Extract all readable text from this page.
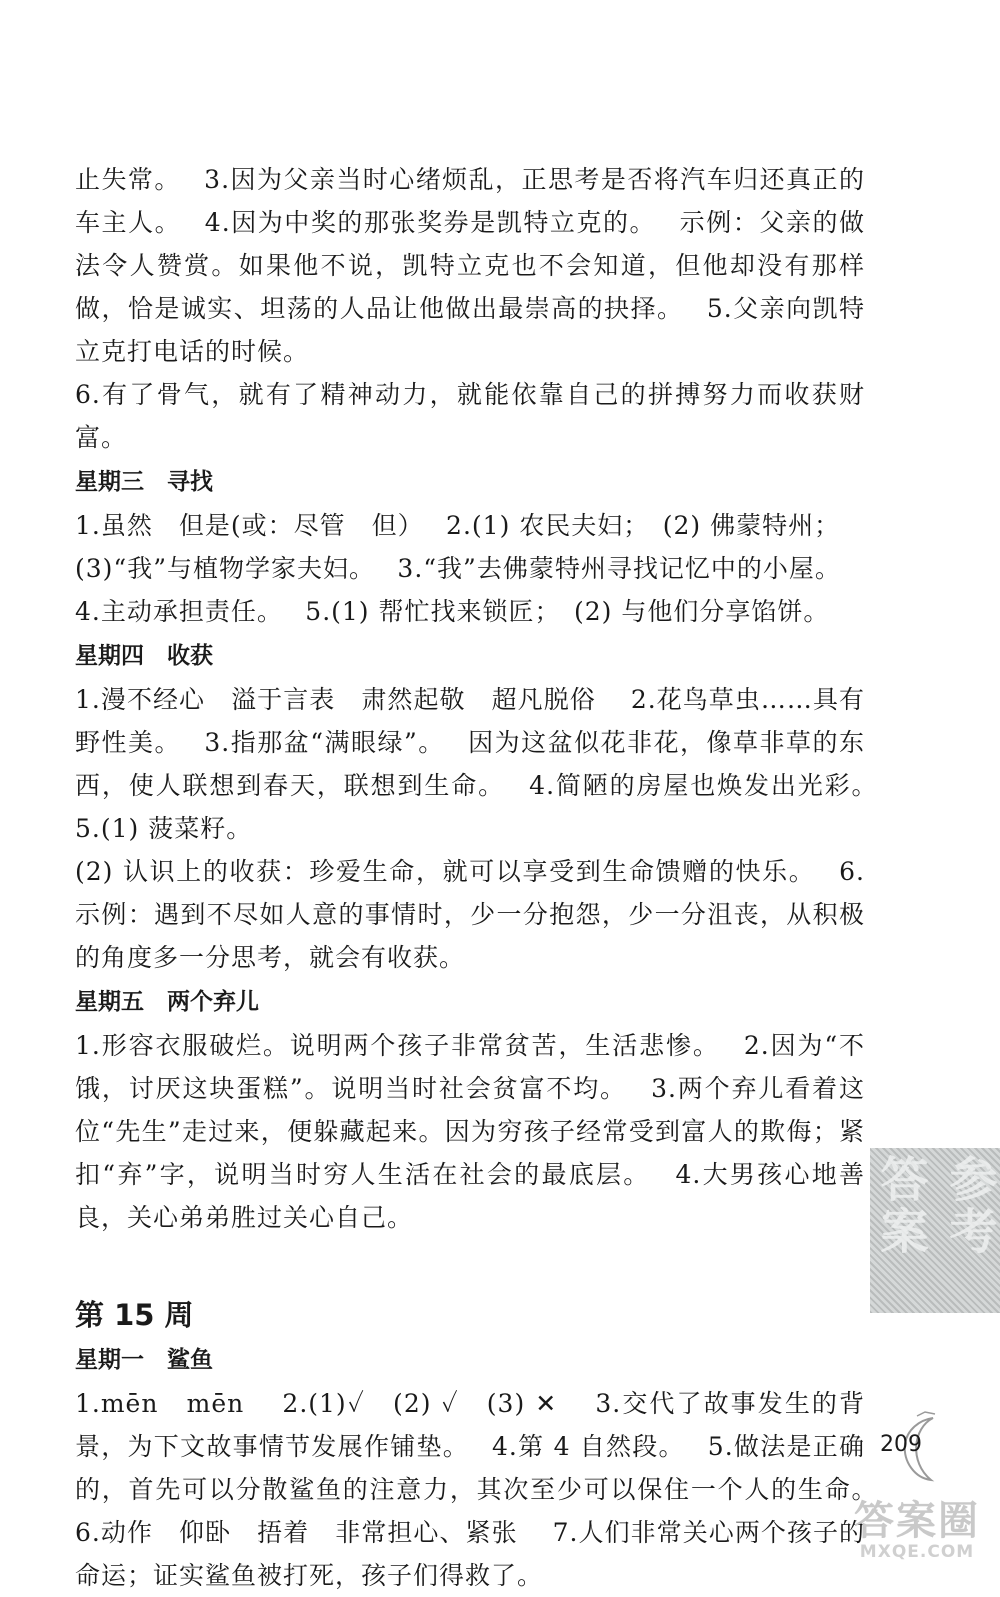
止失常。　 3.因为父亲当时心绪烦乱，正思考是否将汽车归还真正的车主人。　 4.因为中奖的那张奖券是凯特立克的。　 示例：父亲的做法令人赞赏。如果他不说，凯特立克也不会知道，但他却没有那样做，恰是诚实、坦荡的人品让他做出最崇高的抉择。　 5.父亲向凯特立克打电话的时候。
6.有了骨气，就有了精神动力，就能依靠自己的拼搏努力而收获财富。
星期三　寻找
1.虽然　但是(或：尽管　但）　 2.(1) 农民夫妇；　(2) 佛蒙特州；
(3)“我”与植物学家夫妇。　 3.“我”去佛蒙特州寻找记忆中的小屋。
4.主动承担责任。　 5.(1) 帮忙找来锁匠；　(2) 与他们分享馅饼。
星期四　收获
1.漫不经心　溢于言表　肃然起敬　超凡脱俗　 2.花鸟草虫……具有野性美。　 3.指那盆“满眼绿”。　 因为这盆似花非花，像草非草的东西，使人联想到春天，联想到生命。　 4.简陋的房屋也焕发出光彩。　 5.(1) 菠菜籽。
(2) 认识上的收获：珍爱生命，就可以享受到生命馈赠的快乐。　 6.示例：遇到不尽如人意的事情时，少一分抱怨，少一分沮丧，从积极的角度多一分思考，就会有收获。
星期五　两个弃儿
1.形容衣服破烂。说明两个孩子非常贫苦，生活悲惨。　 2.因为“不饿，讨厌这块蛋糕”。说明当时社会贫富不均。　 3.两个弃儿看着这位“先生”走过来，便躲藏起来。因为穷孩子经常受到富人的欺侮；紧扣“弃”字，说明当时穷人生活在社会的最底层。　 4.大男孩心地善良，关心弟弟胜过关心自己。
第 15 周
星期一　鲨鱼
1.mēn　mēn　 2.(1)✓　(2) ✓　(3) ✕　 3.交代了故事发生的背景，为下文故事情节发展作铺垫。　 4.第 4 自然段。　 5.做法是正确的，首先可以分散鲨鱼的注意力，其次至少可以保住一个人的生命。　 6.动作　仰卧　捂着　非常担心、紧张　 7.人们非常关心两个孩子的命运；证实鲨鱼被打死，孩子们得救了。
参考答案
209
答案圈
MXQE.COM
